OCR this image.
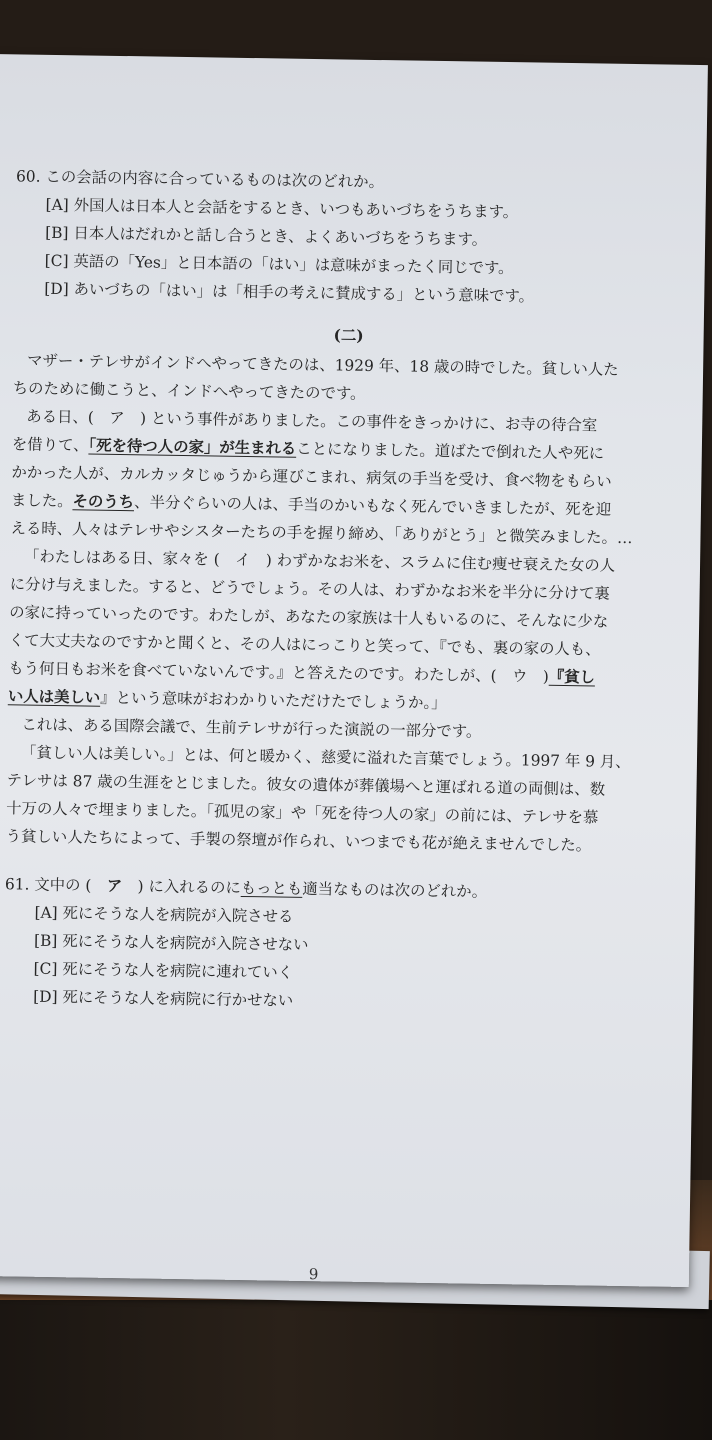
60. この会話の内容に合っているものは次のどれか。

[A] 外国人は日本人と会話をするとき、いつもあいづちをうちます。

[B] 日本人はだれかと話し合うとき、よくあいづちをうちます。

[C] 英語の「Yes」と日本語の「はい」は意味がまったく同じです。

[D] あいづちの「はい」は「相手の考えに賛成する」という意味です。

(二)

マザー・テレサがインドへやってきたのは、1929 年、18 歳の時でした。貧しい人た

ちのために働こうと、インドへやってきたのです。

ある日、(　ア　) という事件がありました。この事件をきっかけに、お寺の待合室

を借りて、「死を待つ人の家」が生まれることになりました。道ばたで倒れた人や死に

かかった人が、カルカッタじゅうから運びこまれ、病気の手当を受け、食べ物をもらい

ました。そのうち、半分ぐらいの人は、手当のかいもなく死んでいきましたが、死を迎

える時、人々はテレサやシスターたちの手を握り締め、「ありがとう」と微笑みました。…

「わたしはある日、家々を (　イ　) わずかなお米を、スラムに住む痩せ衰えた女の人

に分け与えました。すると、どうでしょう。その人は、わずかなお米を半分に分けて裏

の家に持っていったのです。わたしが、あなたの家族は十人もいるのに、そんなに少な

くて大丈夫なのですかと聞くと、その人はにっこりと笑って、『でも、裏の家の人も、

もう何日もお米を食べていないんです。』と答えたのです。わたしが、(　ウ　)『貧し

い人は美しい』という意味がおわかりいただけたでしょうか。」

これは、ある国際会議で、生前テレサが行った演説の一部分です。

「貧しい人は美しい。」とは、何と暖かく、慈愛に溢れた言葉でしょう。1997 年 9 月、

テレサは 87 歳の生涯をとじました。彼女の遺体が葬儀場へと運ばれる道の両側は、数

十万の人々で埋まりました。「孤児の家」や「死を待つ人の家」の前には、テレサを慕

う貧しい人たちによって、手製の祭壇が作られ、いつまでも花が絶えませんでした。

61. 文中の (　ア　) に入れるのにもっとも適当なものは次のどれか。

[A] 死にそうな人を病院が入院させる

[B] 死にそうな人を病院が入院させない

[C] 死にそうな人を病院に連れていく

[D] 死にそうな人を病院に行かせない

9
